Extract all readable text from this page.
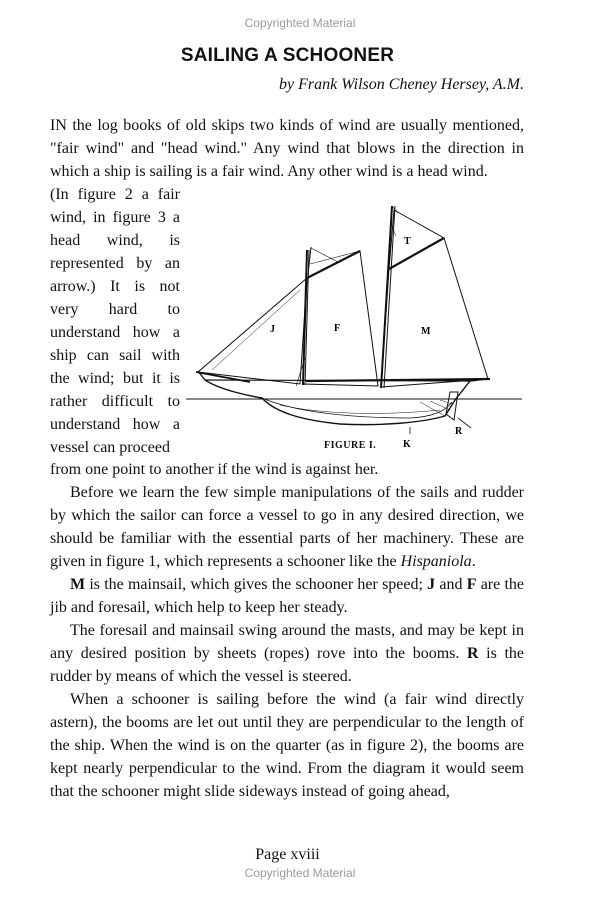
Copyrighted Material
SAILING A SCHOONER
by Frank Wilson Cheney Hersey, A.M.
IN the log books of old skips two kinds of wind are usually mentioned, "fair wind" and "head wind." Any wind that blows in the direction in which a ship is sailing is a fair wind. Any other wind is a head wind.
(In figure 2 a fair wind, in figure 3 a head wind, is represented by an arrow.) It is not very hard to understand how a ship can sail with the wind; but it is rather difficult to understand how a vessel can proceed
T
J	F	M
R
K
FIGURE I.
from one point to another if the wind is against her.

Before we learn the few simple manipulations of the sails and rudder by which the sailor can force a vessel to go in any desired direction, we should be familiar with the essential parts of her machinery. These are given in figure 1, which represents a schooner like the Hispaniola.

M is the mainsail, which gives the schooner her speed; J and F are the jib and foresail, which help to keep her steady.

The foresail and mainsail swing around the masts, and may be kept in any desired position by sheets (ropes) rove into the booms. R is the rudder by means of which the vessel is steered.

When a schooner is sailing before the wind (a fair wind directly astern), the booms are let out until they are perpendicular to the length of the ship. When the wind is on the quarter (as in figure 2), the booms are kept nearly perpendicular to the wind. From the diagram it would seem that the schooner might slide sideways instead of going ahead,

Page xviii
Copyrighted Material
